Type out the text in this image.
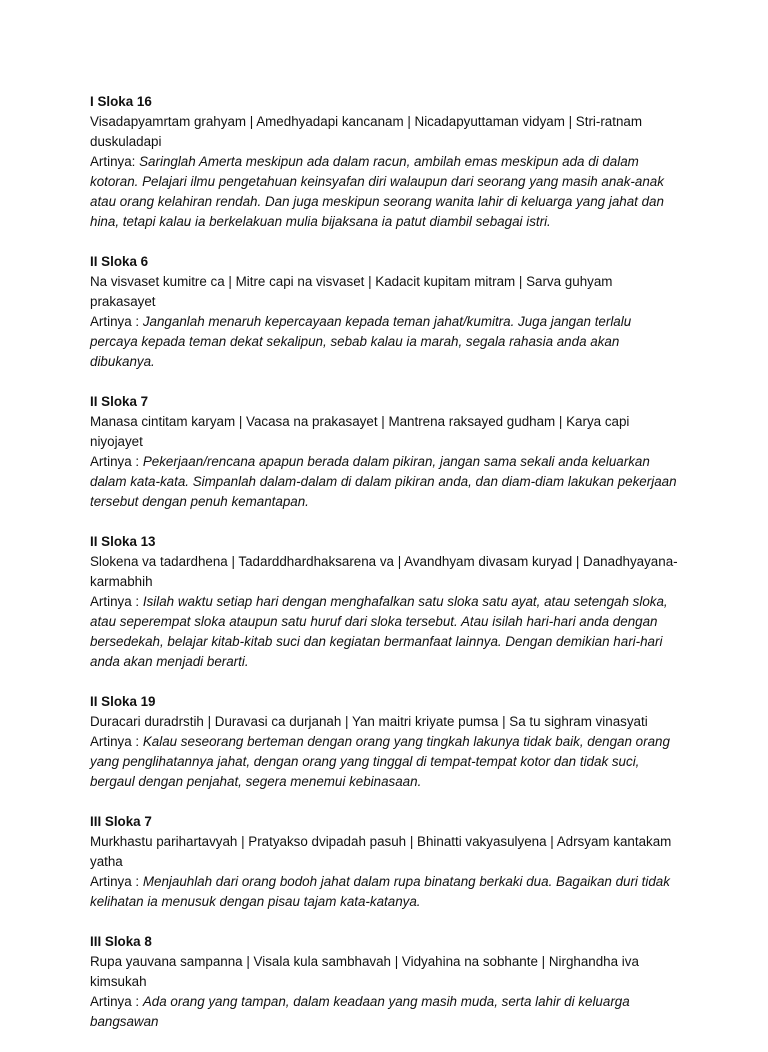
I Sloka 16
Visadapyamrtam grahyam | Amedhyadapi kancanam | Nicadapyuttaman vidyam | Stri-ratnam duskuladapi
Artinya: Saringlah Amerta meskipun ada dalam racun, ambilah emas meskipun ada di dalam kotoran. Pelajari ilmu pengetahuan keinsyafan diri walaupun dari seorang yang masih anak-anak atau orang kelahiran rendah. Dan juga meskipun seorang wanita lahir di keluarga yang jahat dan hina, tetapi kalau ia berkelakuan mulia bijaksana ia patut diambil sebagai istri.
II Sloka 6
Na visvaset kumitre ca | Mitre capi na visvaset | Kadacit kupitam mitram | Sarva guhyam prakasayet
Artinya : Janganlah menaruh kepercayaan kepada teman jahat/kumitra. Juga jangan terlalu percaya kepada teman dekat sekalipun, sebab kalau ia marah, segala rahasia anda akan dibukanya.
II Sloka 7
Manasa cintitam karyam | Vacasa na prakasayet | Mantrena raksayed gudham | Karya capi niyojayet
Artinya : Pekerjaan/rencana apapun berada dalam pikiran, jangan sama sekali anda keluarkan dalam kata-kata. Simpanlah dalam-dalam di dalam pikiran anda, dan diam-diam lakukan pekerjaan tersebut dengan penuh kemantapan.
II Sloka 13
Slokena va tadardhena | Tadarddhardhaksarena va | Avandhyam divasam kuryad | Danadhyayana-karmabhih
Artinya : Isilah waktu setiap hari dengan menghafalkan satu sloka satu ayat, atau setengah sloka, atau seperempat sloka ataupun satu huruf dari sloka tersebut. Atau isilah hari-hari anda dengan bersedekah, belajar kitab-kitab suci dan kegiatan bermanfaat lainnya. Dengan demikian hari-hari anda akan menjadi berarti.
II Sloka 19
Duracari duradrstih | Duravasi ca durjanah | Yan maitri kriyate pumsa | Sa tu sighram vinasyati
Artinya : Kalau seseorang berteman dengan orang yang tingkah lakunya tidak baik, dengan orang yang penglihatannya jahat, dengan orang yang tinggal di tempat-tempat kotor dan tidak suci, bergaul dengan penjahat, segera menemui kebinasaan.
III Sloka 7
Murkhastu parihartavyah | Pratyakso dvipadah pasuh | Bhinatti vakyasulyena | Adrsyam kantakam yatha
Artinya : Menjauhlah dari orang bodoh jahat dalam rupa binatang berkaki dua. Bagaikan duri tidak kelihatan ia menusuk dengan pisau tajam kata-katanya.
III Sloka 8
Rupa yauvana sampanna | Visala kula sambhavah | Vidyahina na sobhante | Nirghandha iva kimsukah
Artinya : Ada orang yang tampan, dalam keadaan yang masih muda, serta lahir di keluarga bangsawan
